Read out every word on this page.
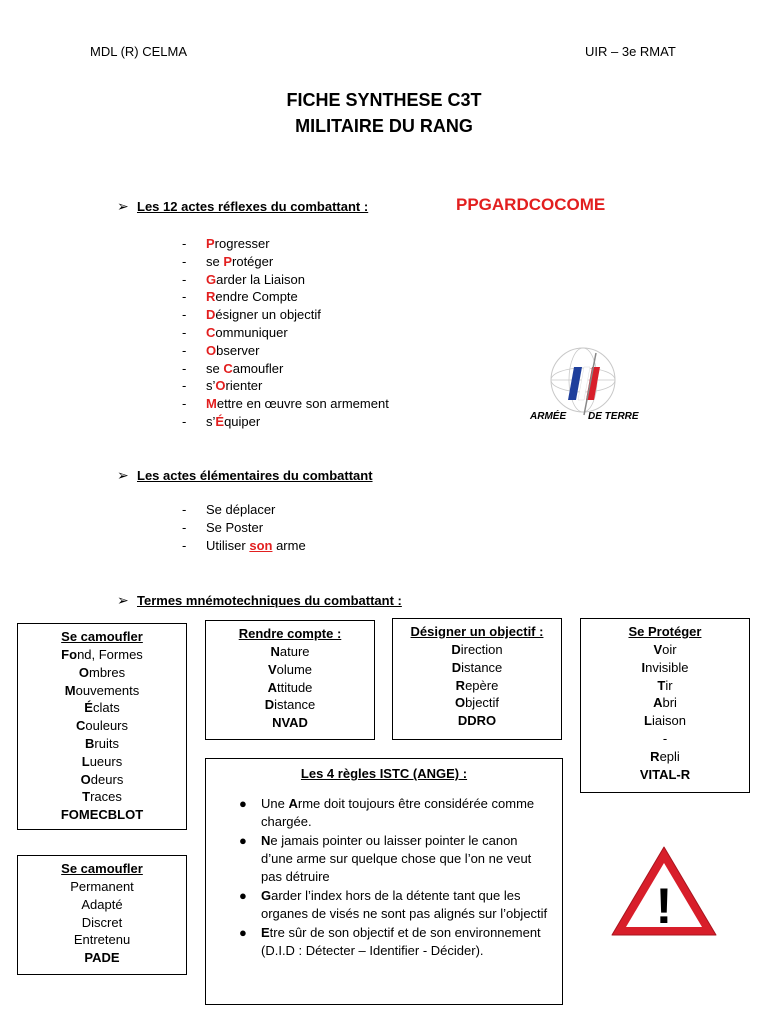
MDL (R) CELMA	UIR – 3e RMAT
FICHE SYNTHESE C3T
MILITAIRE DU RANG
➢ Les 12 actes réflexes du combattant :	PPGARDCOCOME
- Progresser
- se Protéger
- Garder la Liaison
- Rendre Compte
- Désigner un objectif
- Communiquer
- Observer
- se Camoufler
- s’Orienter
- Mettre en œuvre son armement
- s’Équiper	ARMÉE DE TERRE
➢ Les actes élémentaires du combattant
- Se déplacer
- Se Poster
- Utiliser son arme
➢ Termes mnémotechniques du combattant :
Se camoufler
Fond, Formes
Ombres
Mouvements
Éclats
Couleurs
Bruits
Lueurs
Odeurs
Traces
FOMECBLOT
Rendre compte :
Nature
Volume
Attitude
Distance
NVAD
Désigner un objectif :
Direction
Distance
Repère
Objectif
DDRO
Se Protéger
Voir
Invisible
Tir
Abri
Liaison
-
Repli
VITAL-R
Se camoufler
Permanent
Adapté
Discret
Entretenu
PADE
Les 4 règles ISTC (ANGE) :
● Une Arme doit toujours être considérée comme chargée.
● Ne jamais pointer ou laisser pointer le canon d’une arme sur quelque chose que l’on ne veut pas détruire
● Garder l’index hors de la détente tant que les organes de visés ne sont pas alignés sur l’objectif
● Etre sûr de son objectif et de son environnement (D.I.D : Détecter – Identifier - Décider).
!
